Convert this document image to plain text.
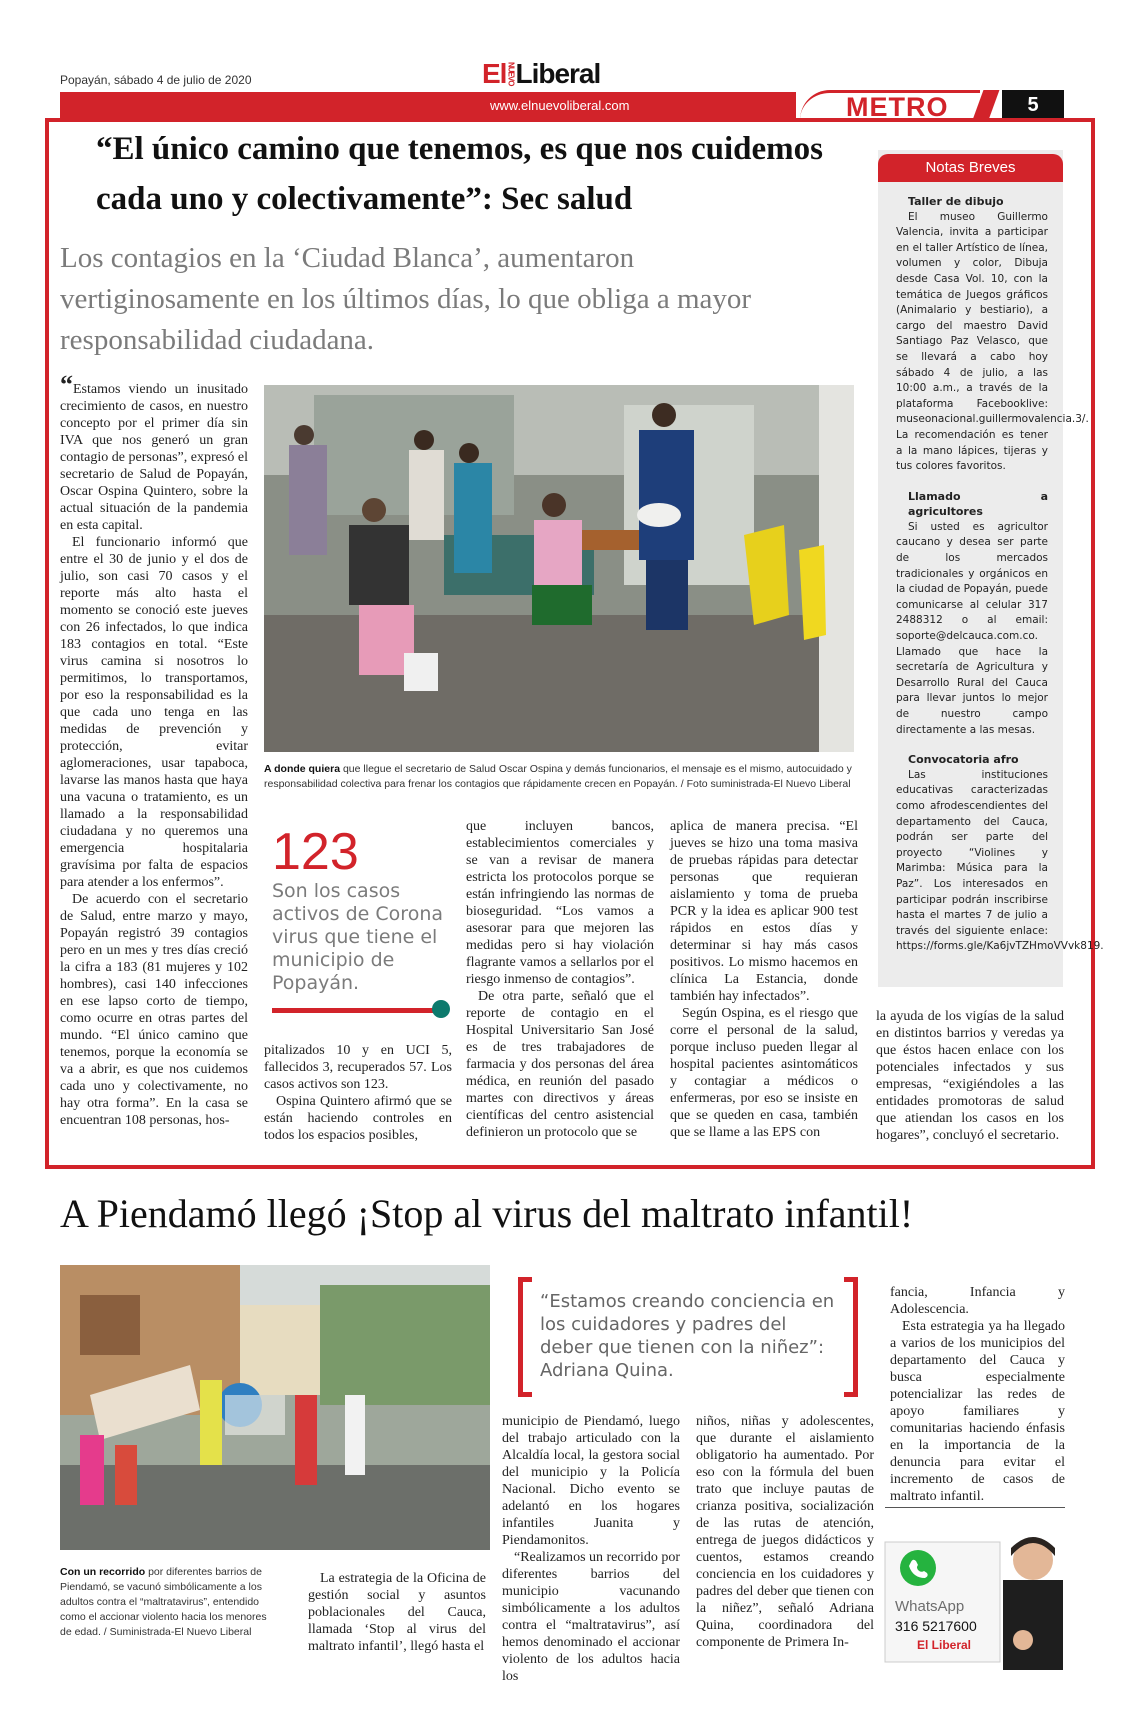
Popayán, sábado 4 de julio de 2020	ElNUEVOLiberal
www.elnuevoliberal.com	METRO	5
“El único camino que tenemos, es que nos cuidemos cada uno y colectivamente”: Sec salud
Los contagios en la ‘Ciudad Blanca’, aumentaron vertiginosamente en los últimos días, lo que obliga a mayor responsabilidad ciudadana.

“Estamos viendo un inusitado crecimiento de casos, en nuestro concepto por el primer día sin IVA que nos generó un gran contagio de personas”, expresó el secretario de Salud de Popayán, Oscar Ospina Quintero, sobre la actual situación de la pandemia en esta capital.

El funcionario informó que entre el 30 de junio y el dos de julio, son casi 70 casos y el reporte más alto hasta el momento se conoció este jueves con 26 infectados, lo que indica 183 contagios en total. “Este virus camina si nosotros lo permitimos, lo transportamos, por eso la responsabilidad es la que cada uno tenga en las medidas de prevención y protección, evitar aglomeraciones, usar tapaboca, lavarse las manos hasta que haya una vacuna o tratamiento, es un llamado a la responsabilidad ciudadana y no queremos una emergencia hospitalaria gravísima por falta de espacios para atender a los enfermos”.

De acuerdo con el secretario de Salud, entre marzo y mayo, Popayán registró 39 contagios pero en un mes y tres días creció la cifra a 183 (81 mujeres y 102 hombres), casi 140 infecciones en ese lapso corto de tiempo, como ocurre en otras partes del mundo. “El único camino que tenemos, porque la economía se va a abrir, es que nos cuidemos cada uno y colectivamente, no hay otra forma”. En la casa se encuentran 108 personas, hos-

A donde quiera que llegue el secretario de Salud Oscar Ospina y demás funcionarios, el mensaje es el mismo, autocuidado y responsabilidad colectiva para frenar los contagios que rápidamente crecen en Popayán. / Foto suministrada-El Nuevo Liberal
123
Son los casos activos de Corona virus que tiene el municipio de Popayán.

pitalizados 10 y en UCI 5, fallecidos 3, recuperados 57. Los casos activos son 123.

Ospina Quintero afirmó que se están haciendo controles en todos los espacios posibles,

que incluyen bancos, establecimientos comerciales y se van a revisar de manera estricta los protocolos porque se están infringiendo las normas de bioseguridad. “Los vamos a asesorar para que mejoren las medidas pero si hay violación flagrante vamos a sellarlos por el riesgo inmenso de contagios”.

De otra parte, señaló que el reporte de contagio en el Hospital Universitario San José es de tres trabajadores de farmacia y dos personas del área médica, en reunión del pasado martes con directivos y áreas científicas del centro asistencial definieron un protocolo que se

aplica de manera precisa. “El jueves se hizo una toma masiva de pruebas rápidas para detectar personas que requieran aislamiento y toma de prueba PCR y la idea es aplicar 900 test rápidos en estos días y determinar si hay más casos positivos. Lo mismo hacemos en clínica La Estancia, donde también hay infectados”.

Según Ospina, es el riesgo que corre el personal de la salud, porque incluso pueden llegar al hospital pacientes asintomáticos y contagiar a médicos o enfermeras, por eso se insiste en que se queden en casa, también que se llame a las EPS con

la ayuda de los vigías de la salud en distintos barrios y veredas ya que éstos hacen enlace con los potenciales infectados y sus empresas, “exigiéndoles a las entidades promotoras de salud que atiendan los casos en los hogares”, concluyó el secretario.

Notas Breves
Taller de dibujo

El museo Guillermo Valencia, invita a participar en el taller Artístico de línea, volumen y color, Dibuja desde Casa Vol. 10, con la temática de Juegos gráficos (Animalario y bestiario), a cargo del maestro David Santiago Paz Velasco, que se llevará a cabo hoy sábado 4 de julio, a las 10:00 a.m., a través de la plataforma Facebooklive: museonacional.guillermovalencia.3/. La recomendación es tener a la mano lápices, tijeras y tus colores favoritos.

Llamado a agricultores

Si usted es agricultor caucano y desea ser parte de los mercados tradicionales y orgánicos en la ciudad de Popayán, puede comunicarse al celular 317 2488312 o al email: soporte@delcauca.com.co. Llamado que hace la secretaría de Agricultura y Desarrollo Rural del Cauca para llevar juntos lo mejor de nuestro campo directamente a las mesas.

Convocatoria afro

Las instituciones educativas caracterizadas como afrodescendientes del departamento del Cauca, podrán ser parte del proyecto “Violines y Marimba: Música para la Paz”. Los interesados en participar podrán inscribirse hasta el martes 7 de julio a través del siguiente enlace: https://forms.gle/Ka6jvTZHmoVVvk819.

A Piendamó llegó ¡Stop al virus del maltrato infantil!
Con un recorrido por diferentes barrios de Piendamó, se vacunó simbólicamente a los adultos contra el “maltratavirus”, entendido como el accionar violento hacia los menores de edad. / Suministrada-El Nuevo Liberal
“Estamos creando conciencia en los cuidadores y padres del deber que tienen con la niñez”: Adriana Quina.

La estrategia de la Oficina de gestión social y asuntos poblacionales del Cauca, llamada ‘Stop al virus del maltrato infantil’, llegó hasta el

municipio de Piendamó, luego del trabajo articulado con la Alcaldía local, la gestora social del municipio y la Policía Nacional. Dicho evento se adelantó en los hogares infantiles Juanita y Piendamonitos.

“Realizamos un recorrido por diferentes barrios del municipio vacunando simbólicamente a los adultos contra el “maltratavirus”, así hemos denominado el accionar violento de los adultos hacia los

niños, niñas y adolescentes, que durante el aislamiento obligatorio ha aumentado. Por eso con la fórmula del buen trato que incluye pautas de crianza positiva, socialización de las rutas de atención, entrega de juegos didácticos y cuentos, estamos creando conciencia en los cuidadores y padres del deber que tienen con la niñez”, señaló Adriana Quina, coordinadora del componente de Primera In-

fancia, Infancia y Adolescencia.

Esta estrategia ya ha llegado a varios de los municipios del departamento del Cauca y busca especialmente potencializar las redes de apoyo familiares y comunitarias haciendo énfasis en la importancia de la denuncia para evitar el incremento de casos de maltrato infantil.

WhatsApp
316 5217600
El Liberal
